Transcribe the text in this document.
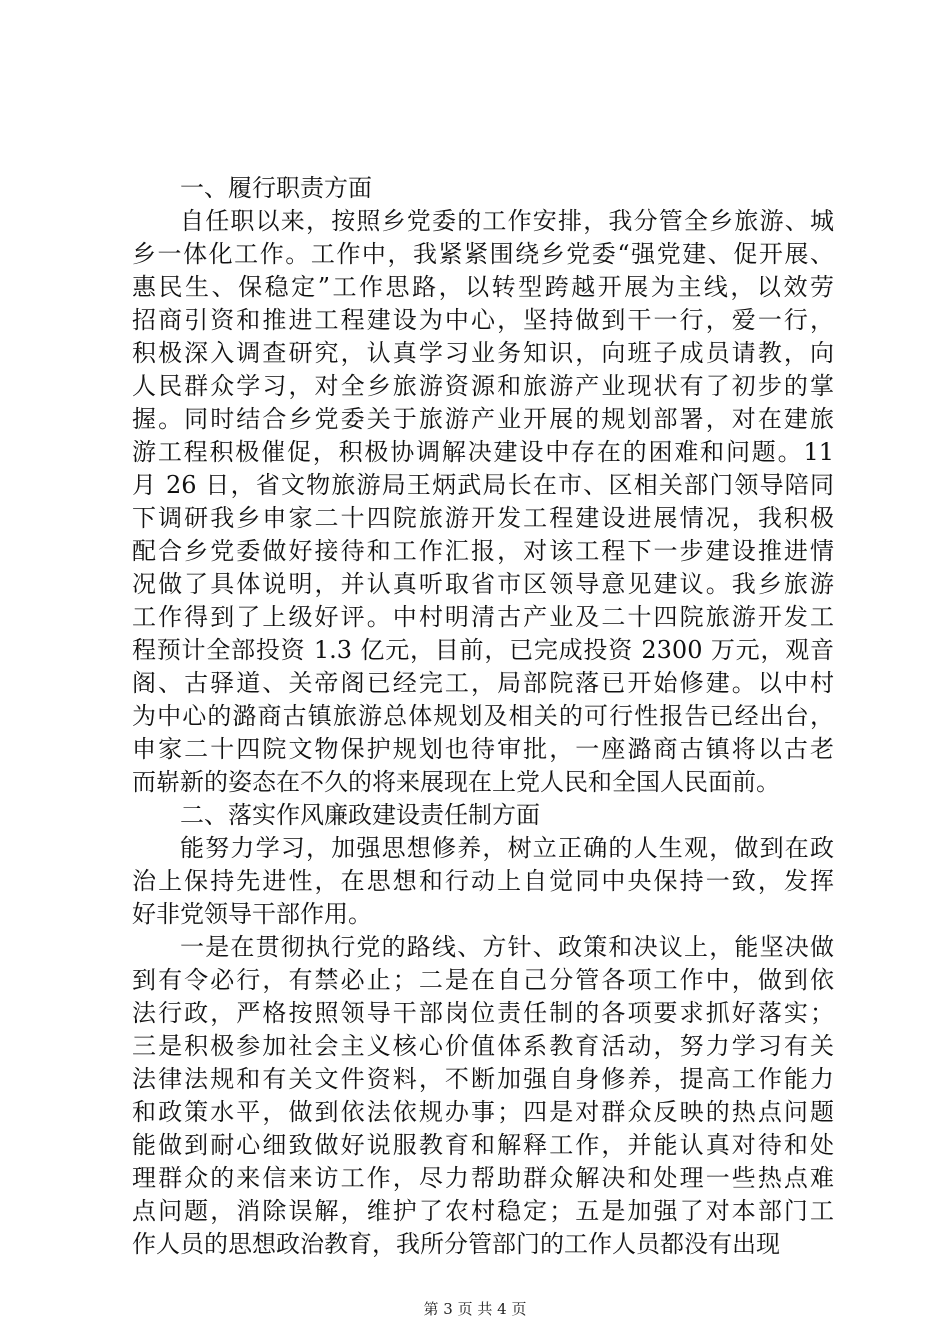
一、履行职责方面
自任职以来，按照乡党委的工作安排，我分管全乡旅游、城
乡一体化工作。工作中，我紧紧围绕乡党委“强党建、促开展、
惠民生、保稳定”工作思路，以转型跨越开展为主线，以效劳
招商引资和推进工程建设为中心，坚持做到干一行，爱一行，
积极深入调查研究，认真学习业务知识，向班子成员请教，向
人民群众学习，对全乡旅游资源和旅游产业现状有了初步的掌
握。同时结合乡党委关于旅游产业开展的规划部署，对在建旅
游工程积极催促，积极协调解决建设中存在的困难和问题。11
月 26 日，省文物旅游局王炳武局长在市、区相关部门领导陪同
下调研我乡申家二十四院旅游开发工程建设进展情况，我积极
配合乡党委做好接待和工作汇报，对该工程下一步建设推进情
况做了具体说明，并认真听取省市区领导意见建议。我乡旅游
工作得到了上级好评。中村明清古产业及二十四院旅游开发工
程预计全部投资 1.3 亿元，目前，已完成投资 2300 万元，观音
阁、古驿道、关帝阁已经完工，局部院落已开始修建。以中村
为中心的潞商古镇旅游总体规划及相关的可行性报告已经出台，
申家二十四院文物保护规划也待审批，一座潞商古镇将以古老
而崭新的姿态在不久的将来展现在上党人民和全国人民面前。
二、落实作风廉政建设责任制方面
能努力学习，加强思想修养，树立正确的人生观，做到在政
治上保持先进性，在思想和行动上自觉同中央保持一致，发挥
好非党领导干部作用。
一是在贯彻执行党的路线、方针、政策和决议上，能坚决做
到有令必行，有禁必止；二是在自己分管各项工作中，做到依
法行政，严格按照领导干部岗位责任制的各项要求抓好落实；
三是积极参加社会主义核心价值体系教育活动，努力学习有关
法律法规和有关文件资料，不断加强自身修养，提高工作能力
和政策水平，做到依法依规办事；四是对群众反映的热点问题
能做到耐心细致做好说服教育和解释工作，并能认真对待和处
理群众的来信来访工作，尽力帮助群众解决和处理一些热点难
点问题，消除误解，维护了农村稳定；五是加强了对本部门工
作人员的思想政治教育，我所分管部门的工作人员都没有出现
第 3 页 共 4 页
